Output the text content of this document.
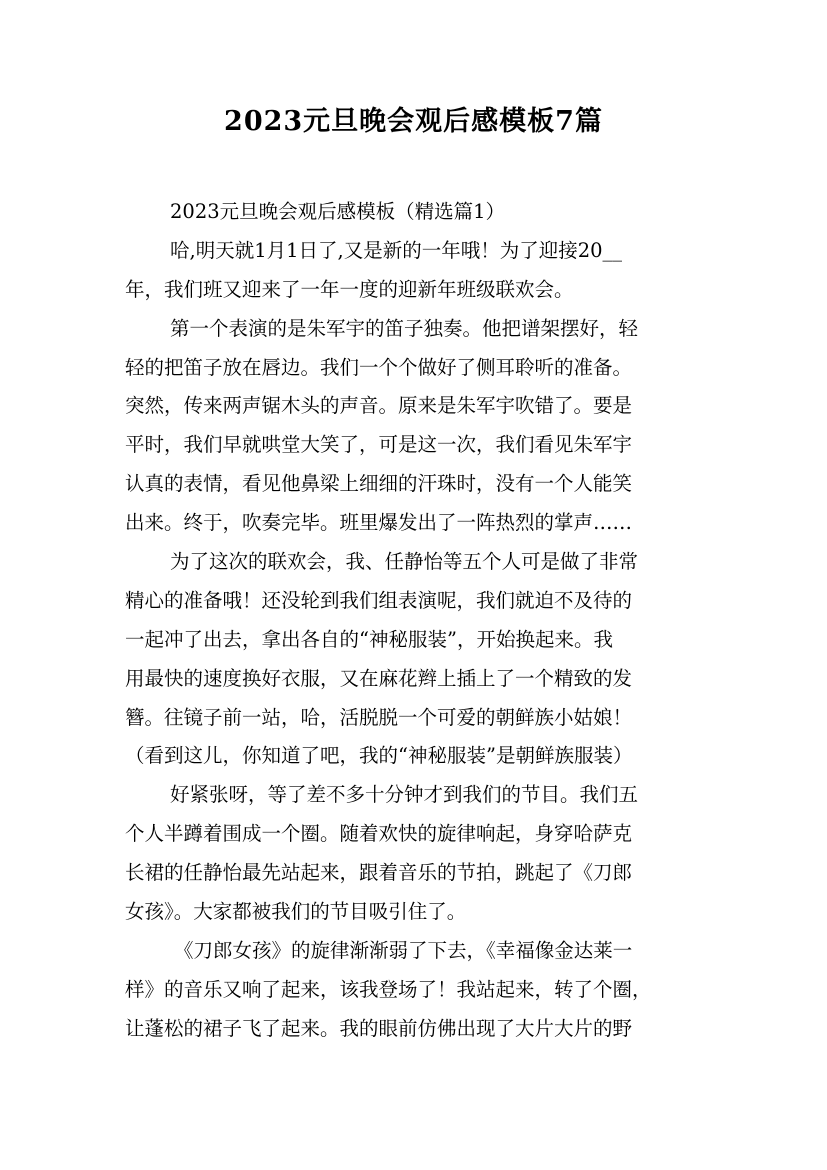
2023元旦晚会观后感模板7篇
2023元旦晚会观后感模板（精选篇1）
哈,明天就1月1日了,又是新的一年哦！为了迎接20__
年，我们班又迎来了一年一度的迎新年班级联欢会。
第一个表演的是朱军宇的笛子独奏。他把谱架摆好，轻
轻的把笛子放在唇边。我们一个个做好了侧耳聆听的准备。
突然，传来两声锯木头的声音。原来是朱军宇吹错了。要是
平时，我们早就哄堂大笑了，可是这一次，我们看见朱军宇
认真的表情，看见他鼻梁上细细的汗珠时，没有一个人能笑
出来。终于，吹奏完毕。班里爆发出了一阵热烈的掌声……
为了这次的联欢会，我、任静怡等五个人可是做了非常
精心的准备哦！还没轮到我们组表演呢，我们就迫不及待的
一起冲了出去，拿出各自的“神秘服装”，开始换起来。我
用最快的速度换好衣服，又在麻花辫上插上了一个精致的发
簪。往镜子前一站，哈，活脱脱一个可爱的朝鲜族小姑娘！
（看到这儿，你知道了吧，我的“神秘服装”是朝鲜族服装）
好紧张呀，等了差不多十分钟才到我们的节目。我们五
个人半蹲着围成一个圈。随着欢快的旋律响起，身穿哈萨克
长裙的任静怡最先站起来，跟着音乐的节拍，跳起了《刀郎
女孩》。大家都被我们的节目吸引住了。
《刀郎女孩》的旋律渐渐弱了下去，《幸福像金达莱一
样》的音乐又响了起来，该我登场了！我站起来，转了个圈，
让蓬松的裙子飞了起来。我的眼前仿佛出现了大片大片的野
